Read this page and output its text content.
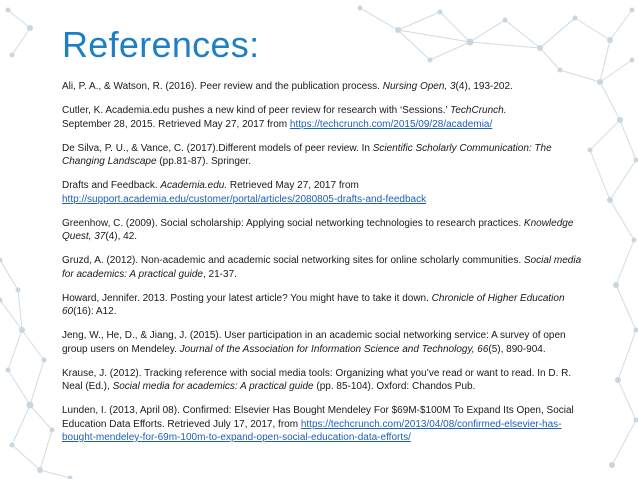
References:

Ali, P. A., & Watson, R. (2016). Peer review and the publication process. Nursing Open, 3(4), 193-202.

Cutler, K. Academia.edu pushes a new kind of peer review for research with ‘Sessions.’ TechCrunch.
September 28, 2015. Retrieved May 27, 2017 from https://techcrunch.com/2015/09/28/academia/

De Silva, P. U., & Vance, C. (2017).Different models of peer review. In Scientific Scholarly Communication: The Changing Landscape (pp.81-87). Springer.

Drafts and Feedback. Academia.edu. Retrieved May 27, 2017 from
http://support.academia.edu/customer/portal/articles/2080805-drafts-and-feedback

Greenhow, C. (2009). Social scholarship: Applying social networking technologies to research practices. Knowledge Quest, 37(4), 42.

Gruzd, A. (2012). Non-academic and academic social networking sites for online scholarly communities. Social media for academics: A practical guide, 21-37.

Howard, Jennifer. 2013. Posting your latest article? You might have to take it down. Chronicle of Higher Education 60(16): A12.

Jeng, W., He, D., & Jiang, J. (2015). User participation in an academic social networking service: A survey of open group users on Mendeley. Journal of the Association for Information Science and Technology, 66(5), 890-904.

Krause, J. (2012). Tracking reference with social media tools: Organizing what you’ve read or want to read. In D. R. Neal (Ed.), Social media for academics: A practical guide (pp. 85-104). Oxford: Chandos Pub.

Lunden, I. (2013, April 08). Confirmed: Elsevier Has Bought Mendeley For $69M-$100M To Expand Its Open, Social Education Data Efforts. Retrieved July 17, 2017, from https://techcrunch.com/2013/04/08/confirmed-elsevier-has-bought-mendeley-for-69m-100m-to-expand-open-social-education-data-efforts/
